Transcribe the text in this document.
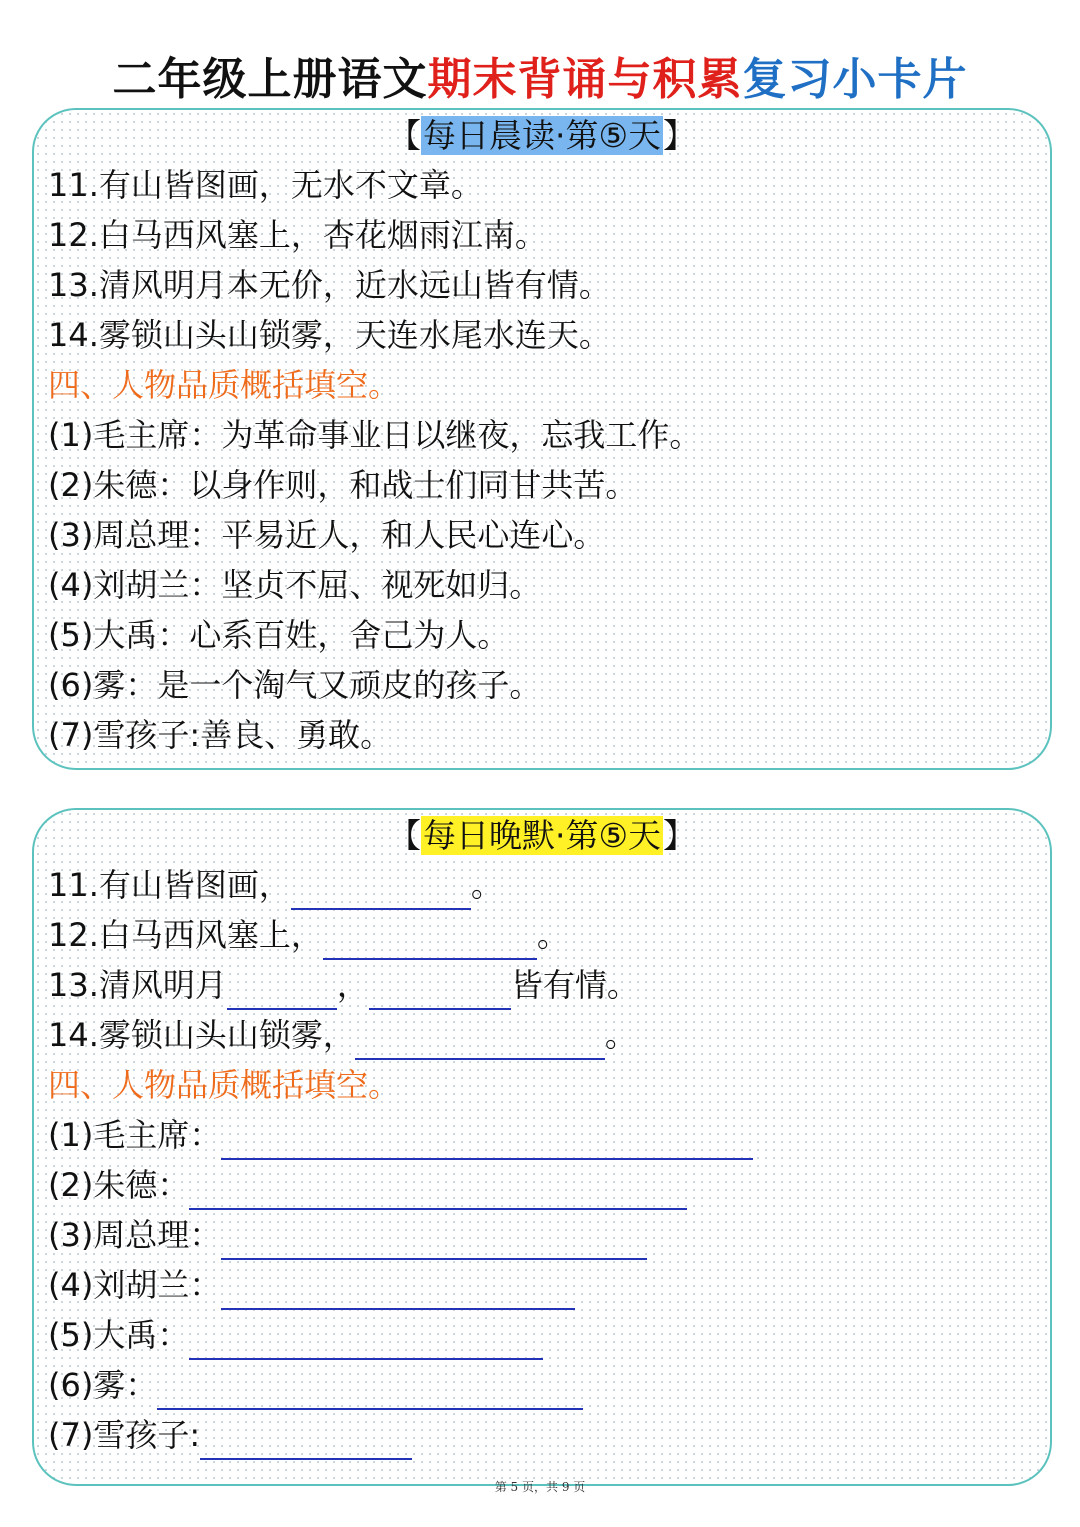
二年级上册语文期末背诵与积累复习小卡片
【每日晨读·第⑤天】
11.有山皆图画，无水不文章。
12.白马西风塞上，杏花烟雨江南。
13.清风明月本无价，近水远山皆有情。
14.雾锁山头山锁雾，天连水尾水连天。
四、人物品质概括填空。
(1)毛主席：为革命事业日以继夜，忘我工作。
(2)朱德：以身作则，和战士们同甘共苦。
(3)周总理：平易近人，和人民心连心。
(4)刘胡兰：坚贞不屈、视死如归。
(5)大禹：心系百姓，舍己为人。
(6)雾：是一个淘气又顽皮的孩子。
(7)雪孩子:善良、勇敢。
【每日晚默·第⑤天】
11.有山皆图画，	。
12.白马西风塞上，	。
13.清风明月	，	皆有情。
14.雾锁山头山锁雾，	。
四、人物品质概括填空。
(1)毛主席：
(2)朱德：
(3)周总理：
(4)刘胡兰：
(5)大禹：
(6)雾：
(7)雪孩子:
第 5 页，共 9 页
